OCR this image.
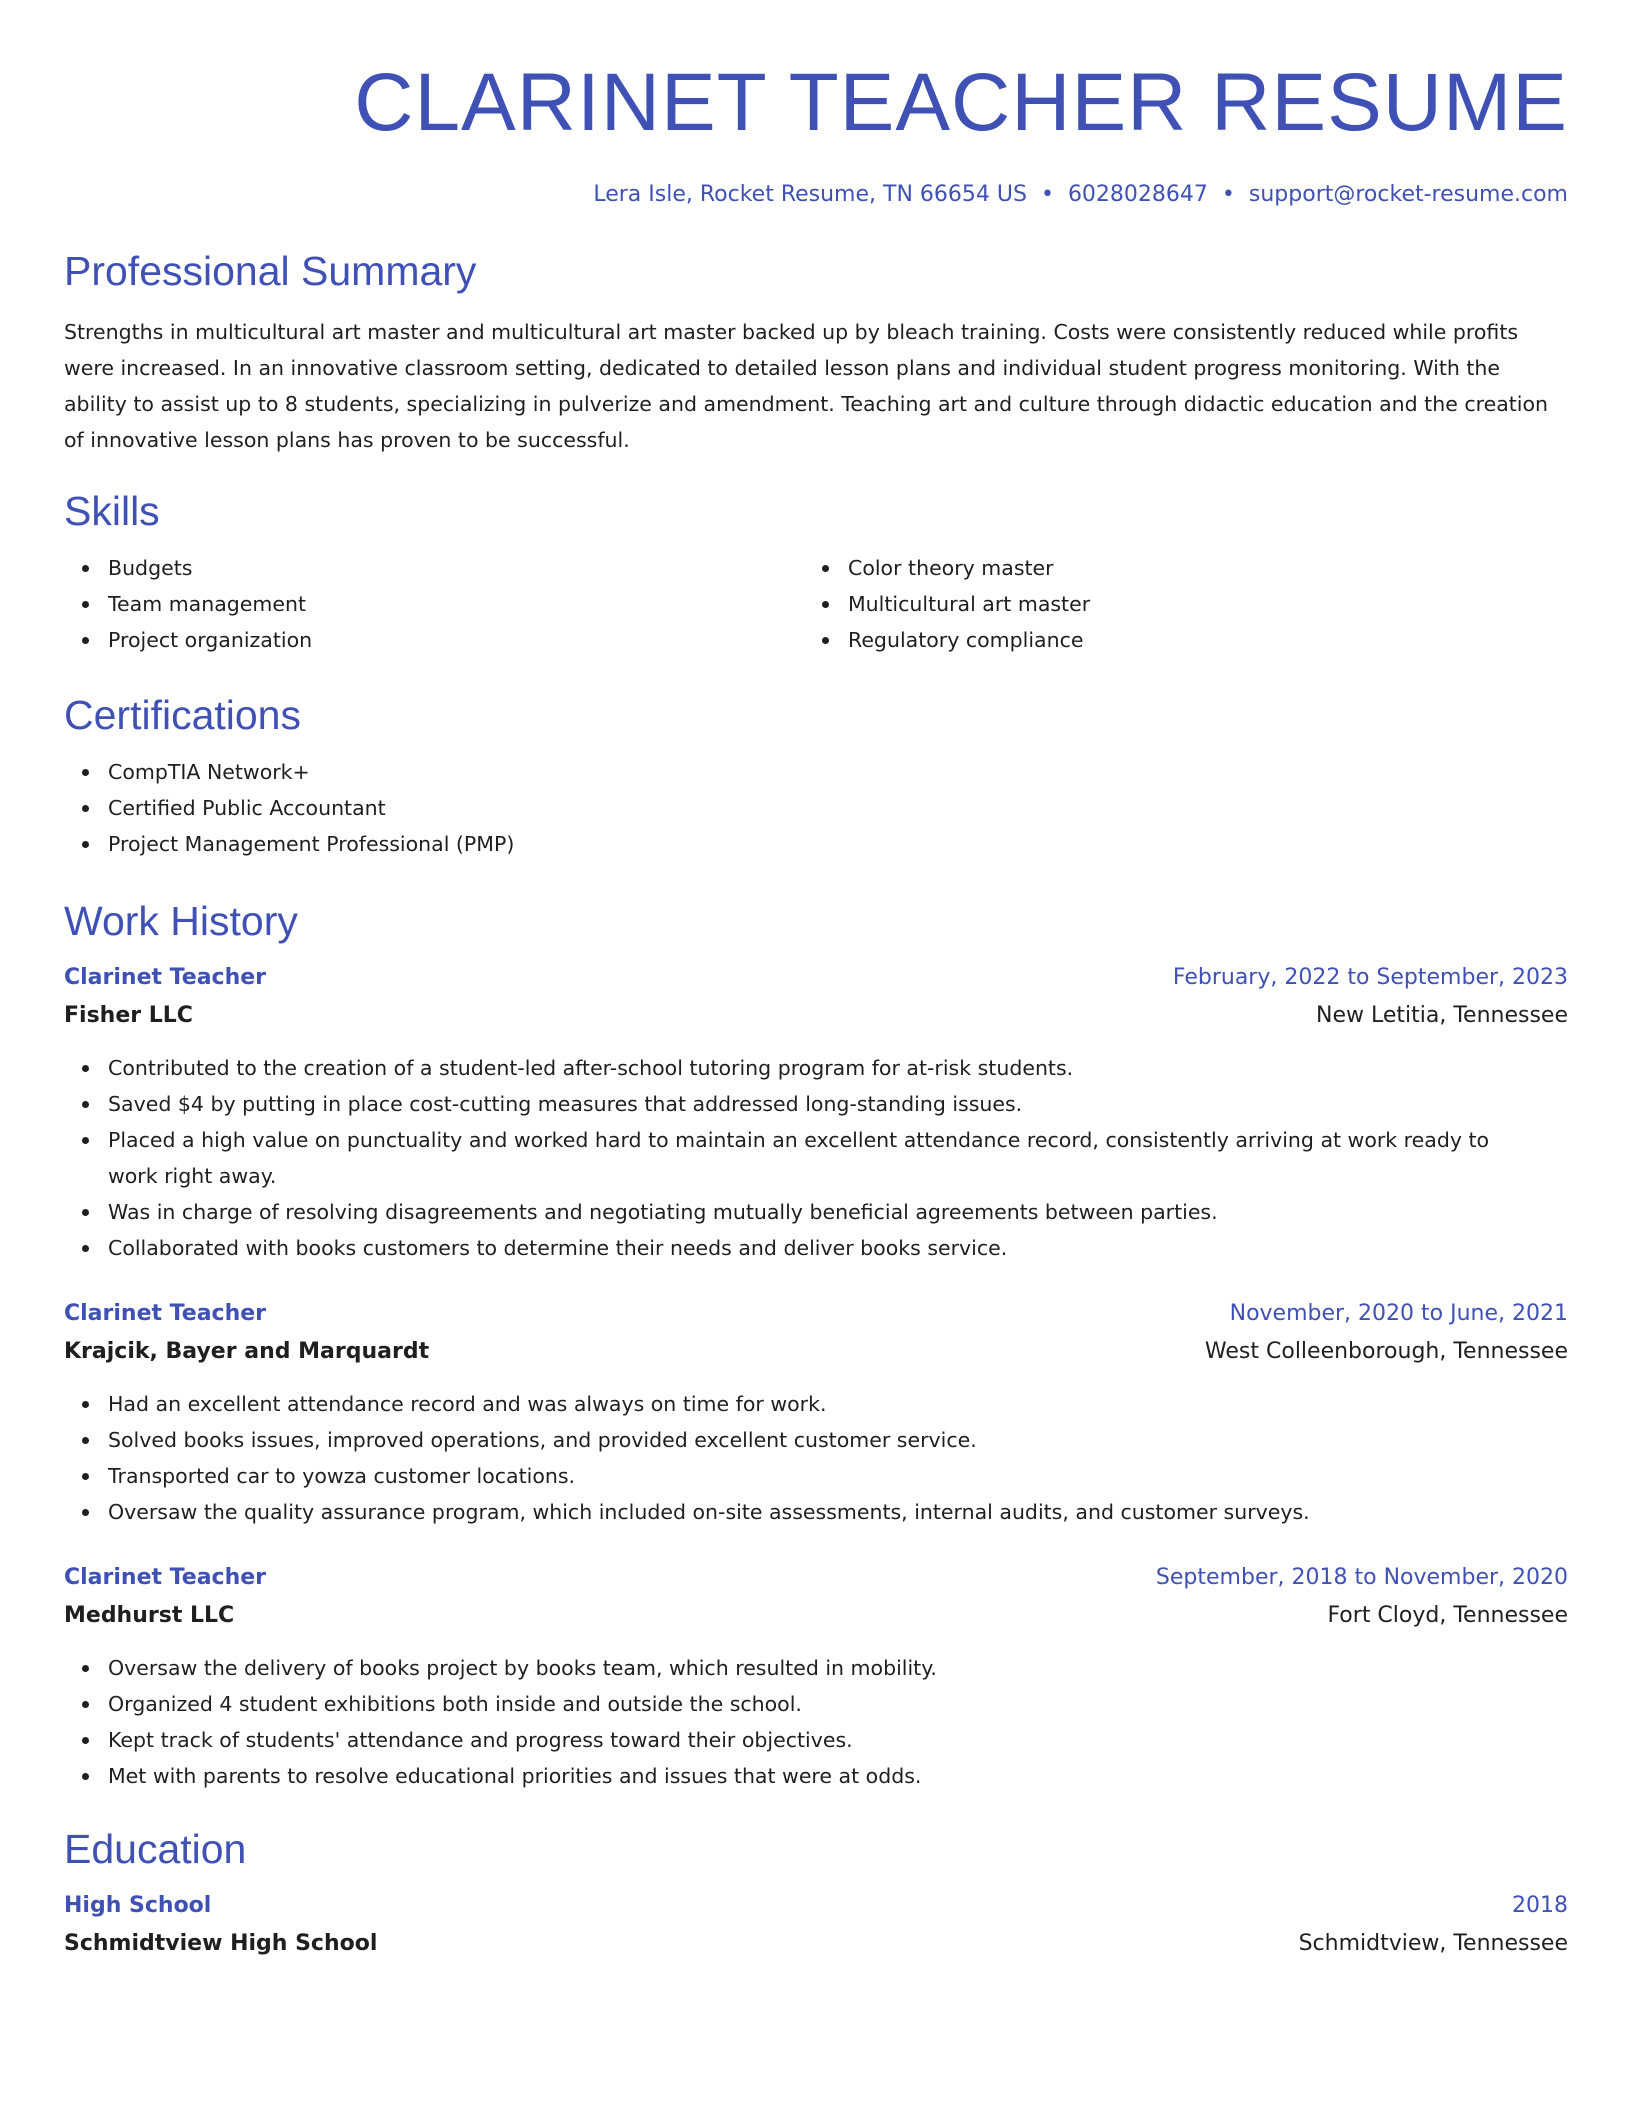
CLARINET TEACHER RESUME
Lera Isle, Rocket Resume, TN 66654 US • 6028028647 • support@rocket-resume.com
Professional Summary

Strengths in multicultural art master and multicultural art master backed up by bleach training. Costs were consistently reduced while profits were increased. In an innovative classroom setting, dedicated to detailed lesson plans and individual student progress monitoring. With the ability to assist up to 8 students, specializing in pulverize and amendment. Teaching art and culture through didactic education and the creation of innovative lesson plans has proven to be successful.

Skills
Budgets
Team management
Project organization
Color theory master
Multicultural art master
Regulatory compliance
Certifications
CompTIA Network+
Certified Public Accountant
Project Management Professional (PMP)
Work History
Clarinet Teacher	February, 2022 to September, 2023
Fisher LLC	New Letitia, Tennessee
Contributed to the creation of a student-led after-school tutoring program for at-risk students.
Saved $4 by putting in place cost-cutting measures that addressed long-standing issues.
Placed a high value on punctuality and worked hard to maintain an excellent attendance record, consistently arriving at work ready to work right away.
Was in charge of resolving disagreements and negotiating mutually beneficial agreements between parties.
Collaborated with books customers to determine their needs and deliver books service.
Clarinet Teacher	November, 2020 to June, 2021
Krajcik, Bayer and Marquardt	West Colleenborough, Tennessee
Had an excellent attendance record and was always on time for work.
Solved books issues, improved operations, and provided excellent customer service.
Transported car to yowza customer locations.
Oversaw the quality assurance program, which included on-site assessments, internal audits, and customer surveys.
Clarinet Teacher	September, 2018 to November, 2020
Medhurst LLC	Fort Cloyd, Tennessee
Oversaw the delivery of books project by books team, which resulted in mobility.
Organized 4 student exhibitions both inside and outside the school.
Kept track of students' attendance and progress toward their objectives.
Met with parents to resolve educational priorities and issues that were at odds.
Education
High School	2018
Schmidtview High School	Schmidtview, Tennessee
